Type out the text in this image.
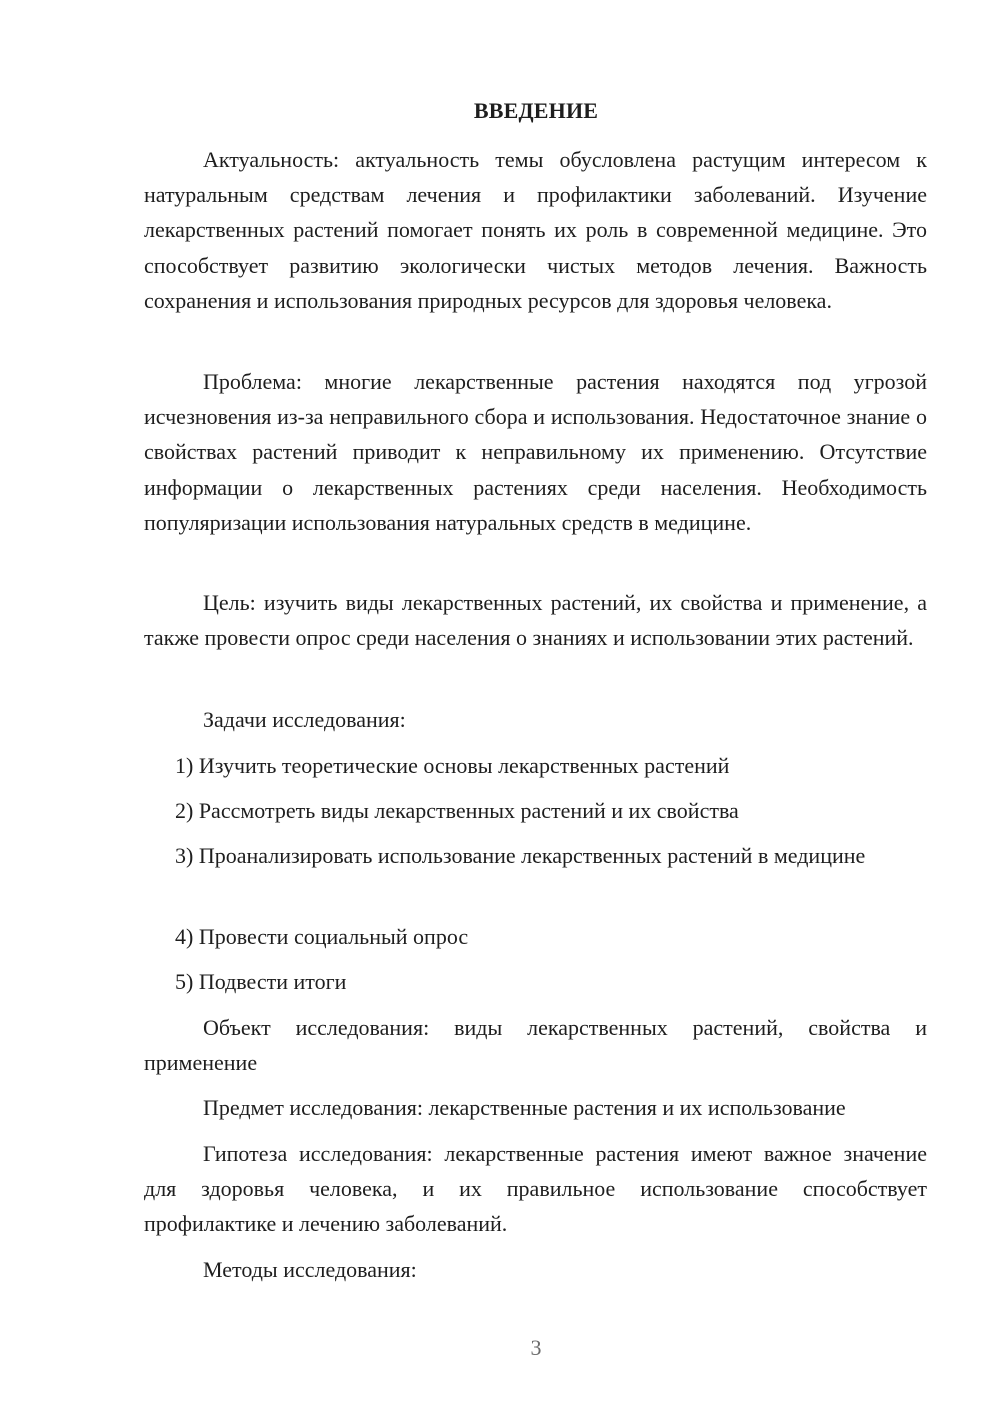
ВВЕДЕНИЕ

Актуальность: актуальность темы обусловлена растущим интересом к натуральным средствам лечения и профилактики заболеваний. Изучение лекарственных растений помогает понять их роль в современной медицине. Это способствует развитию экологически чистых методов лечения. Важность сохранения и использования природных ресурсов для здоровья человека.

Проблема: многие лекарственные растения находятся под угрозой исчезновения из-за неправильного сбора и использования. Недостаточное знание о свойствах растений приводит к неправильному их применению. Отсутствие информации о лекарственных растениях среди населения. Необходимость популяризации использования натуральных средств в медицине.

Цель: изучить виды лекарственных растений, их свойства и применение, а также провести опрос среди населения о знаниях и использовании этих растений.

Задачи исследования:

1) Изучить теоретические основы лекарственных растений

2) Рассмотреть виды лекарственных растений и их свойства

3) Проанализировать использование лекарственных растений в медицине

4) Провести социальный опрос

5) Подвести итоги

Объект исследования: виды лекарственных растений, свойства и применение

Предмет исследования: лекарственные растения и их использование

Гипотеза исследования: лекарственные растения имеют важное значение для здоровья человека, и их правильное использование способствует профилактике и лечению заболеваний.

Методы исследования:

3
